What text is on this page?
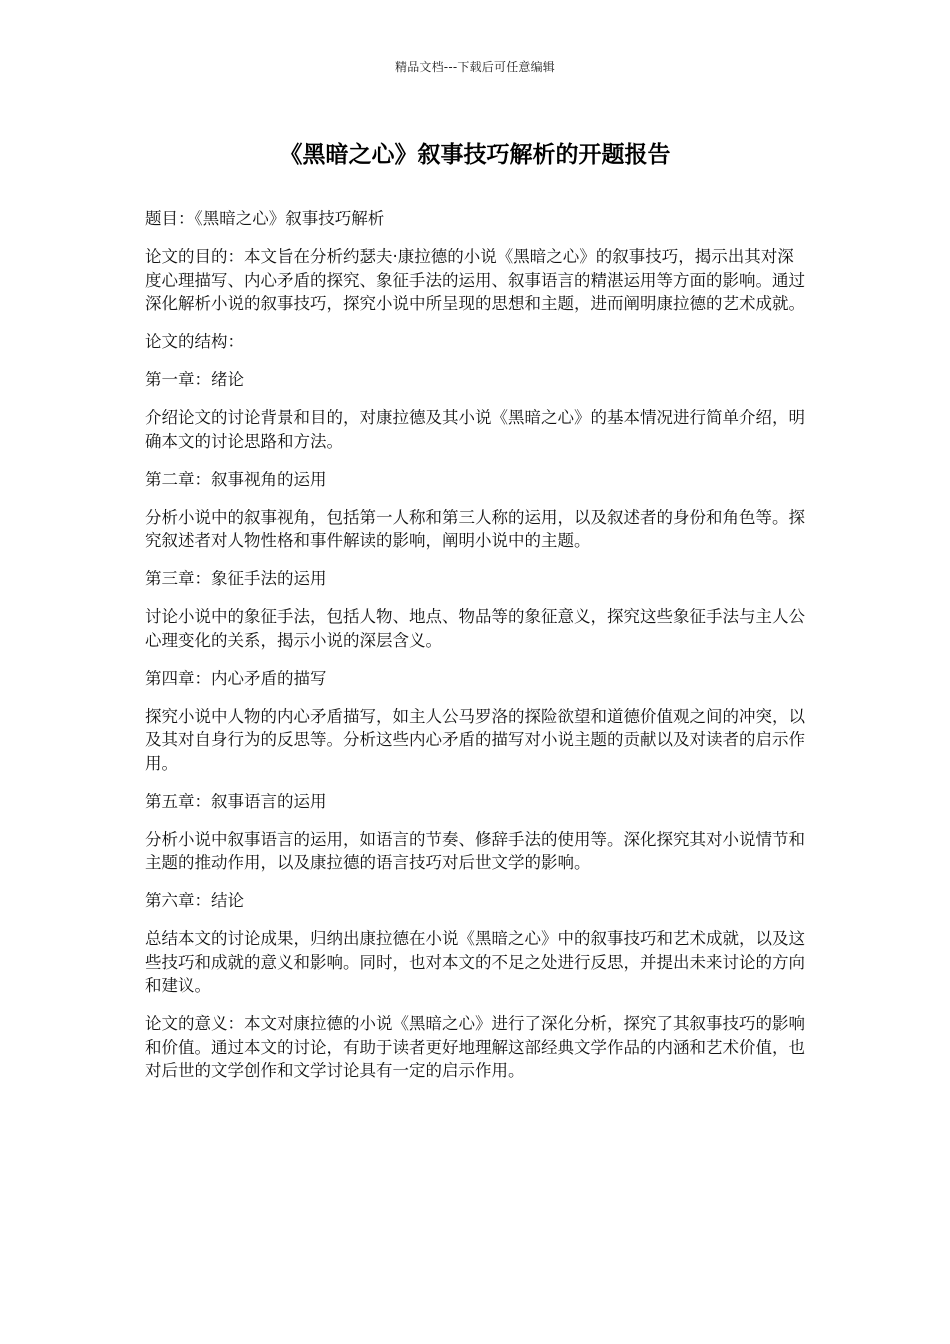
精品文档---下载后可任意编辑
《黑暗之心》叙事技巧解析的开题报告

题目：《黑暗之心》叙事技巧解析

论文的目的：本文旨在分析约瑟夫·康拉德的小说《黑暗之心》的叙事技巧，揭示出其对深度心理描写、内心矛盾的探究、象征手法的运用、叙事语言的精湛运用等方面的影响。通过深化解析小说的叙事技巧，探究小说中所呈现的思想和主题，进而阐明康拉德的艺术成就。

论文的结构：

第一章：绪论

介绍论文的讨论背景和目的，对康拉德及其小说《黑暗之心》的基本情况进行简单介绍，明确本文的讨论思路和方法。

第二章：叙事视角的运用

分析小说中的叙事视角，包括第一人称和第三人称的运用，以及叙述者的身份和角色等。探究叙述者对人物性格和事件解读的影响，阐明小说中的主题。

第三章：象征手法的运用

讨论小说中的象征手法，包括人物、地点、物品等的象征意义，探究这些象征手法与主人公心理变化的关系，揭示小说的深层含义。

第四章：内心矛盾的描写

探究小说中人物的内心矛盾描写，如主人公马罗洛的探险欲望和道德价值观之间的冲突，以及其对自身行为的反思等。分析这些内心矛盾的描写对小说主题的贡献以及对读者的启示作用。

第五章：叙事语言的运用

分析小说中叙事语言的运用，如语言的节奏、修辞手法的使用等。深化探究其对小说情节和主题的推动作用，以及康拉德的语言技巧对后世文学的影响。

第六章：结论

总结本文的讨论成果，归纳出康拉德在小说《黑暗之心》中的叙事技巧和艺术成就，以及这些技巧和成就的意义和影响。同时，也对本文的不足之处进行反思，并提出未来讨论的方向和建议。

论文的意义：本文对康拉德的小说《黑暗之心》进行了深化分析，探究了其叙事技巧的影响和价值。通过本文的讨论，有助于读者更好地理解这部经典文学作品的内涵和艺术价值，也对后世的文学创作和文学讨论具有一定的启示作用。
